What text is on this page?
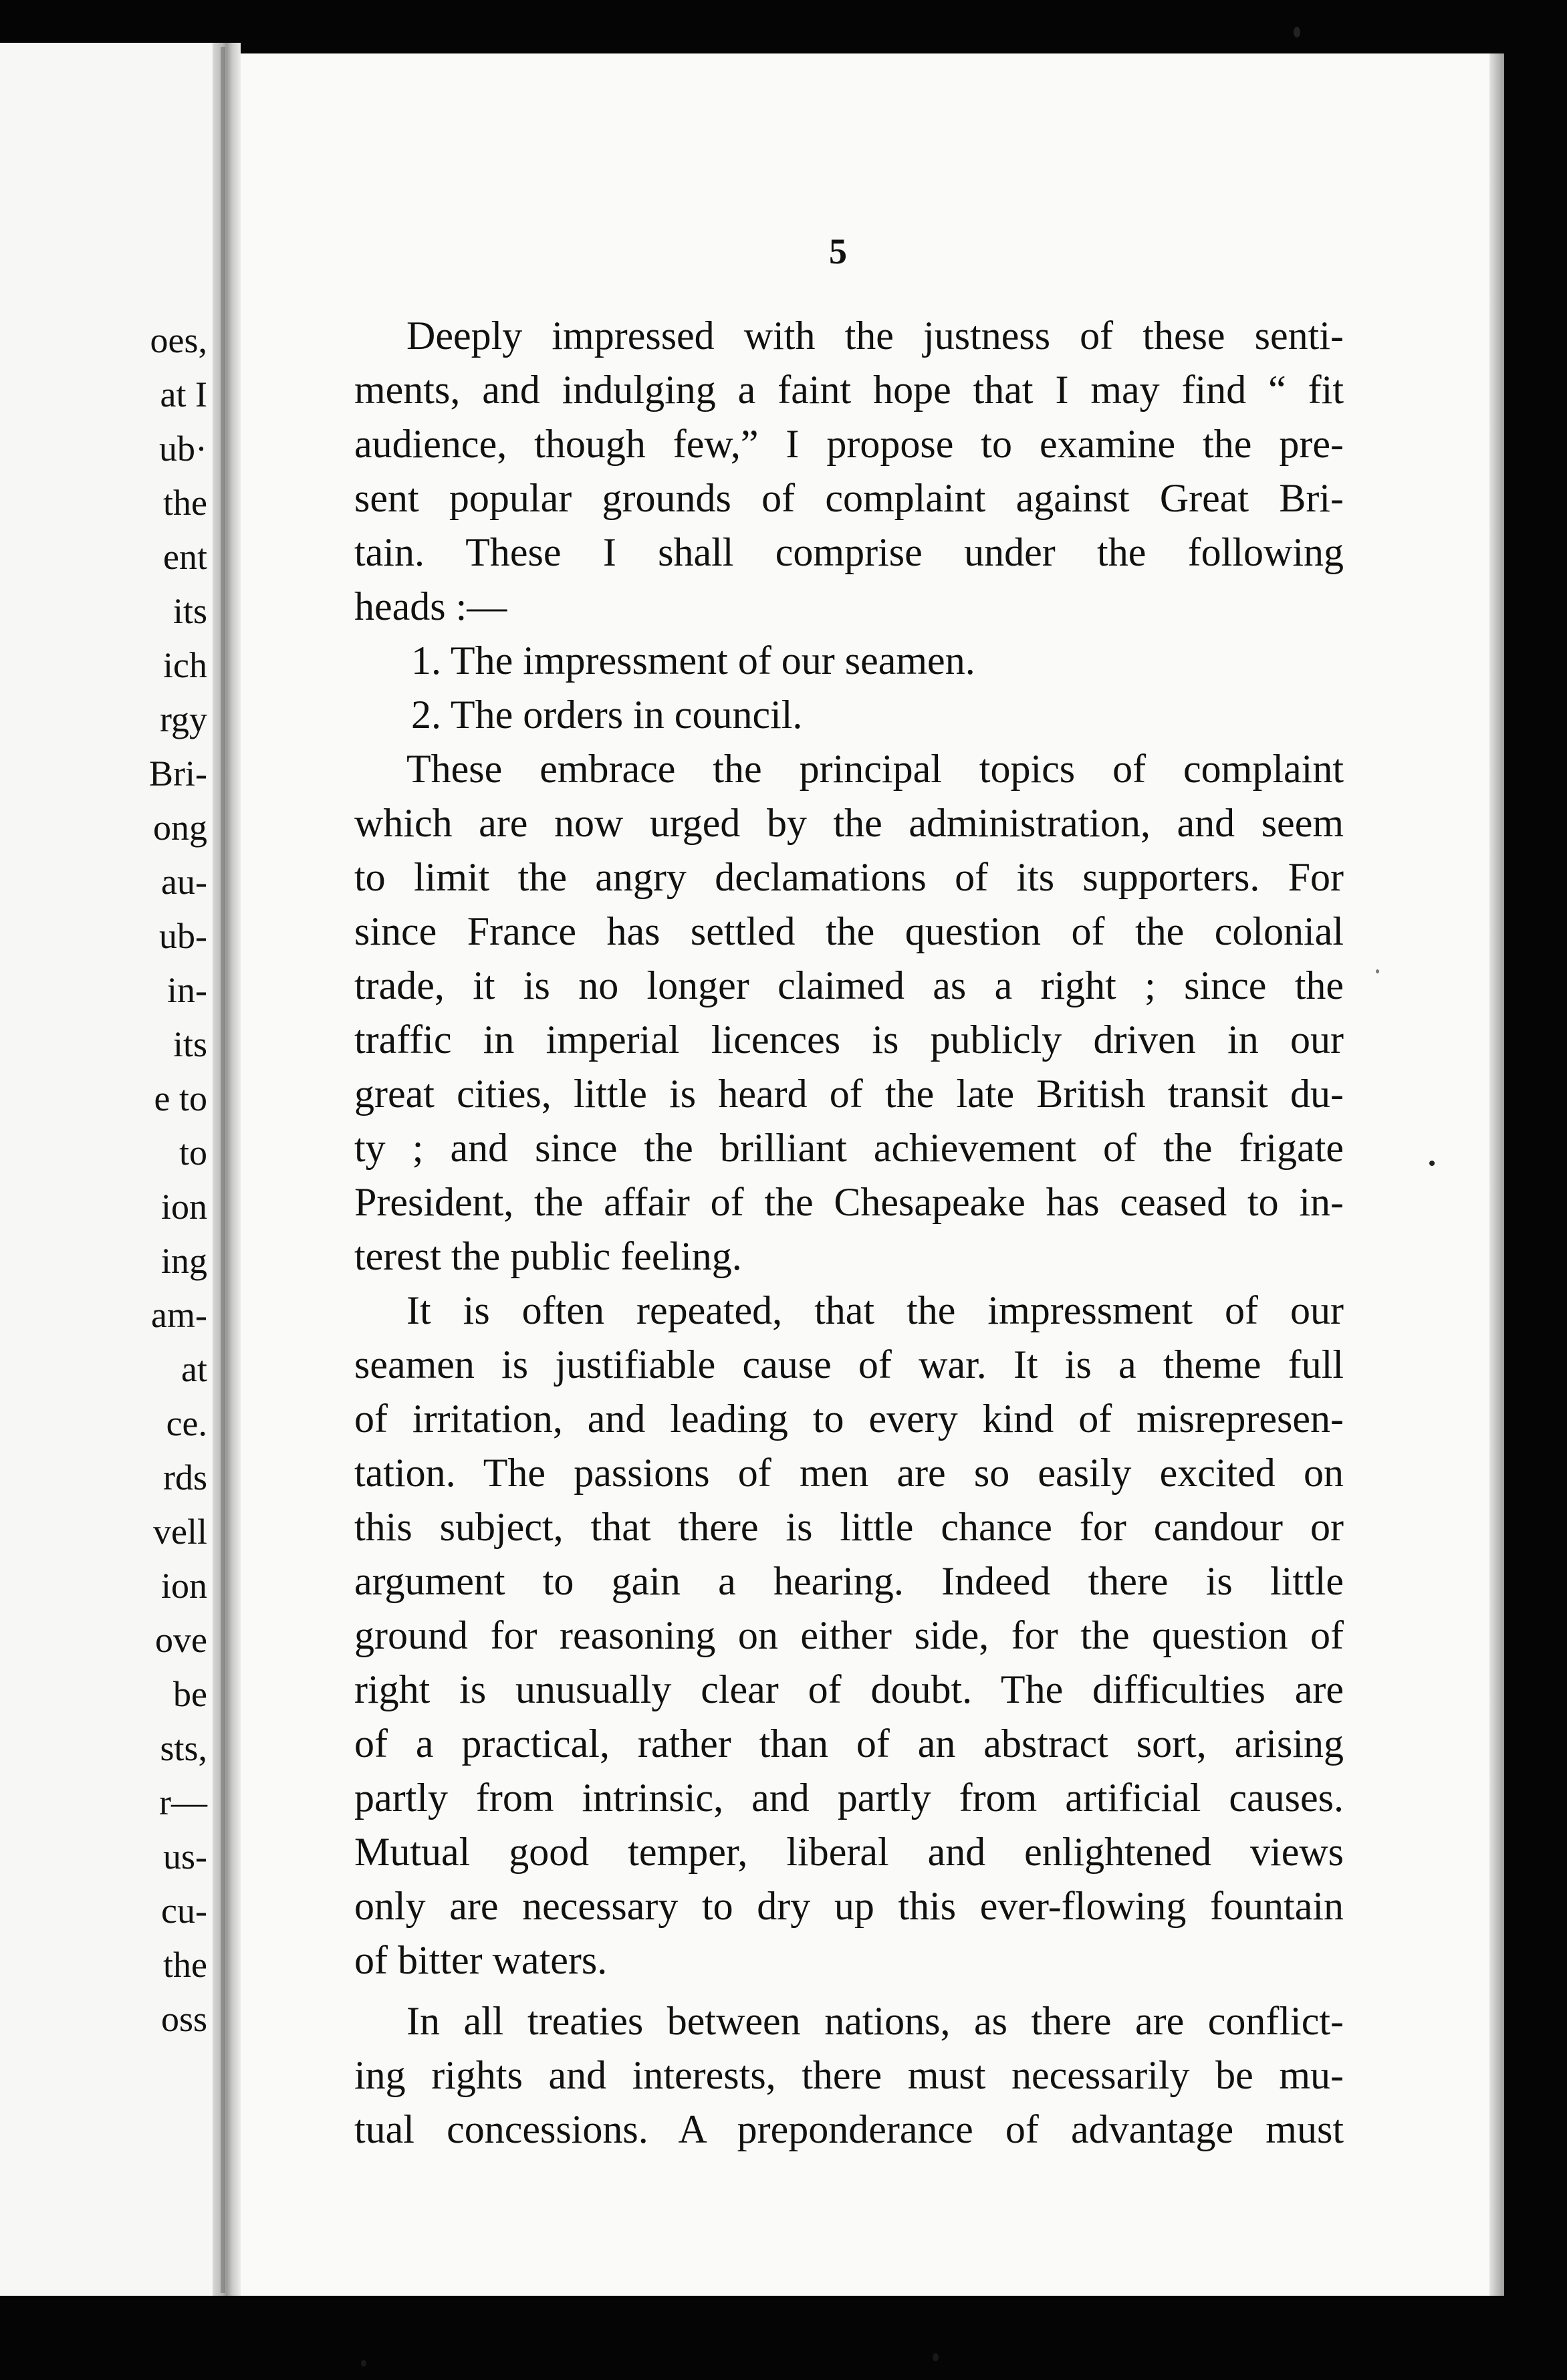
oes,
at I
ub·
the
ent
its
ich
rgy
Bri-
ong
au-
ub-
in-
its
e to
to
ion
ing
am-
at
ce.
rds
vell
ion
ove
be
sts,
r—
us-
cu-
the
oss
5
Deeply impressed with the justness of these senti-
ments, and indulging a faint hope that I may find “ fit
audience, though few,” I propose to examine the pre-
sent popular grounds of complaint against Great Bri-
tain. These I shall comprise under the following
heads :—
1. The impressment of our seamen.
2. The orders in council.
These embrace the principal topics of complaint
which are now urged by the administration, and seem
to limit the angry declamations of its supporters. For
since France has settled the question of the colonial
trade, it is no longer claimed as a right ; since the
traffic in imperial licences is publicly driven in our
great cities, little is heard of the late British transit du-
ty ; and since the brilliant achievement of the frigate
President, the affair of the Chesapeake has ceased to in-
terest the public feeling.
It is often repeated, that the impressment of our
seamen is justifiable cause of war. It is a theme full
of irritation, and leading to every kind of misrepresen-
tation. The passions of men are so easily excited on
this subject, that there is little chance for candour or
argument to gain a hearing. Indeed there is little
ground for reasoning on either side, for the question of
right is unusually clear of doubt. The difficulties are
of a practical, rather than of an abstract sort, arising
partly from intrinsic, and partly from artificial causes.
Mutual good temper, liberal and enlightened views
only are necessary to dry up this ever-flowing fountain
of bitter waters.
In all treaties between nations, as there are conflict-
ing rights and interests, there must necessarily be mu-
tual concessions. A preponderance of advantage must
